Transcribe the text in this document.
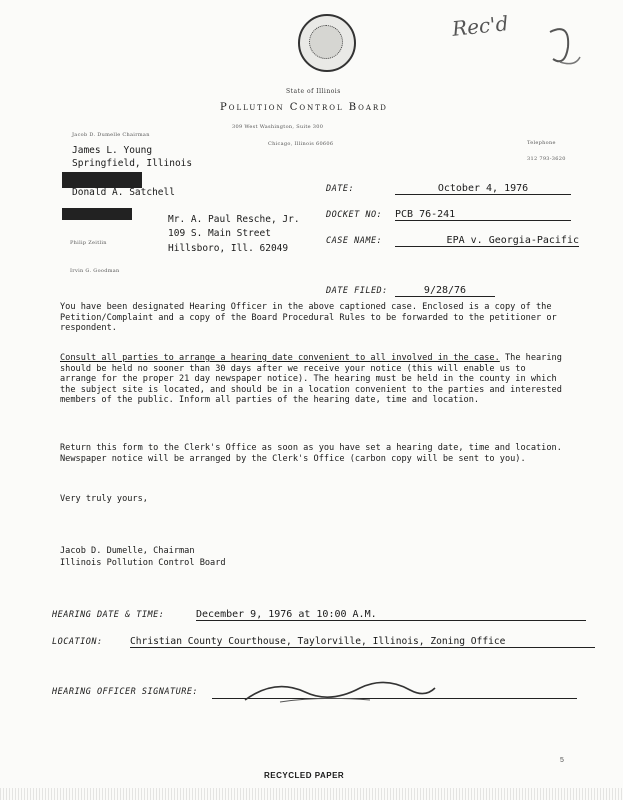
Rec'd
State of Illinois
Pollution Control Board
309 West Washington, Suite 300
Chicago, Illinois 60606	Telephone
312 793-3620
Jacob D. Dumelle Chairman
James L. Young
Springfield, Illinois
Donald A. Satchell
Philip Zeitlin
Irvin G. Goodman
Mr. A. Paul Resche, Jr.
109 S. Main Street
Hillsboro, Ill. 62049
DATE:	October 4, 1976
DOCKET NO: PCB 76-241
CASE NAME:	EPA v. Georgia-Pacific
DATE FILED:	9/28/76
You have been designated Hearing Officer in the above captioned case. Enclosed is a copy of the Petition/Complaint and a copy of the Board Procedural Rules to be forwarded to the petitioner or respondent.
Consult all parties to arrange a hearing date convenient to all involved in the case. The hearing should be held no sooner than 30 days after we receive your notice (this will enable us to arrange for the proper 21 day newspaper notice). The hearing must be held in the county in which the subject site is located, and should be in a location convenient to the parties and interested members of the public. Inform all parties of the hearing date, time and location.
Return this form to the Clerk's Office as soon as you have set a hearing date, time and location. Newspaper notice will be arranged by the Clerk's Office (carbon copy will be sent to you).
Very truly yours,
Jacob D. Dumelle, Chairman
Illinois Pollution Control Board
HEARING DATE & TIME:	December 9, 1976 at 10:00 A.M.
LOCATION:	Christian County Courthouse, Taylorville, Illinois, Zoning Office
HEARING OFFICER SIGNATURE:
RECYCLED PAPER
5
